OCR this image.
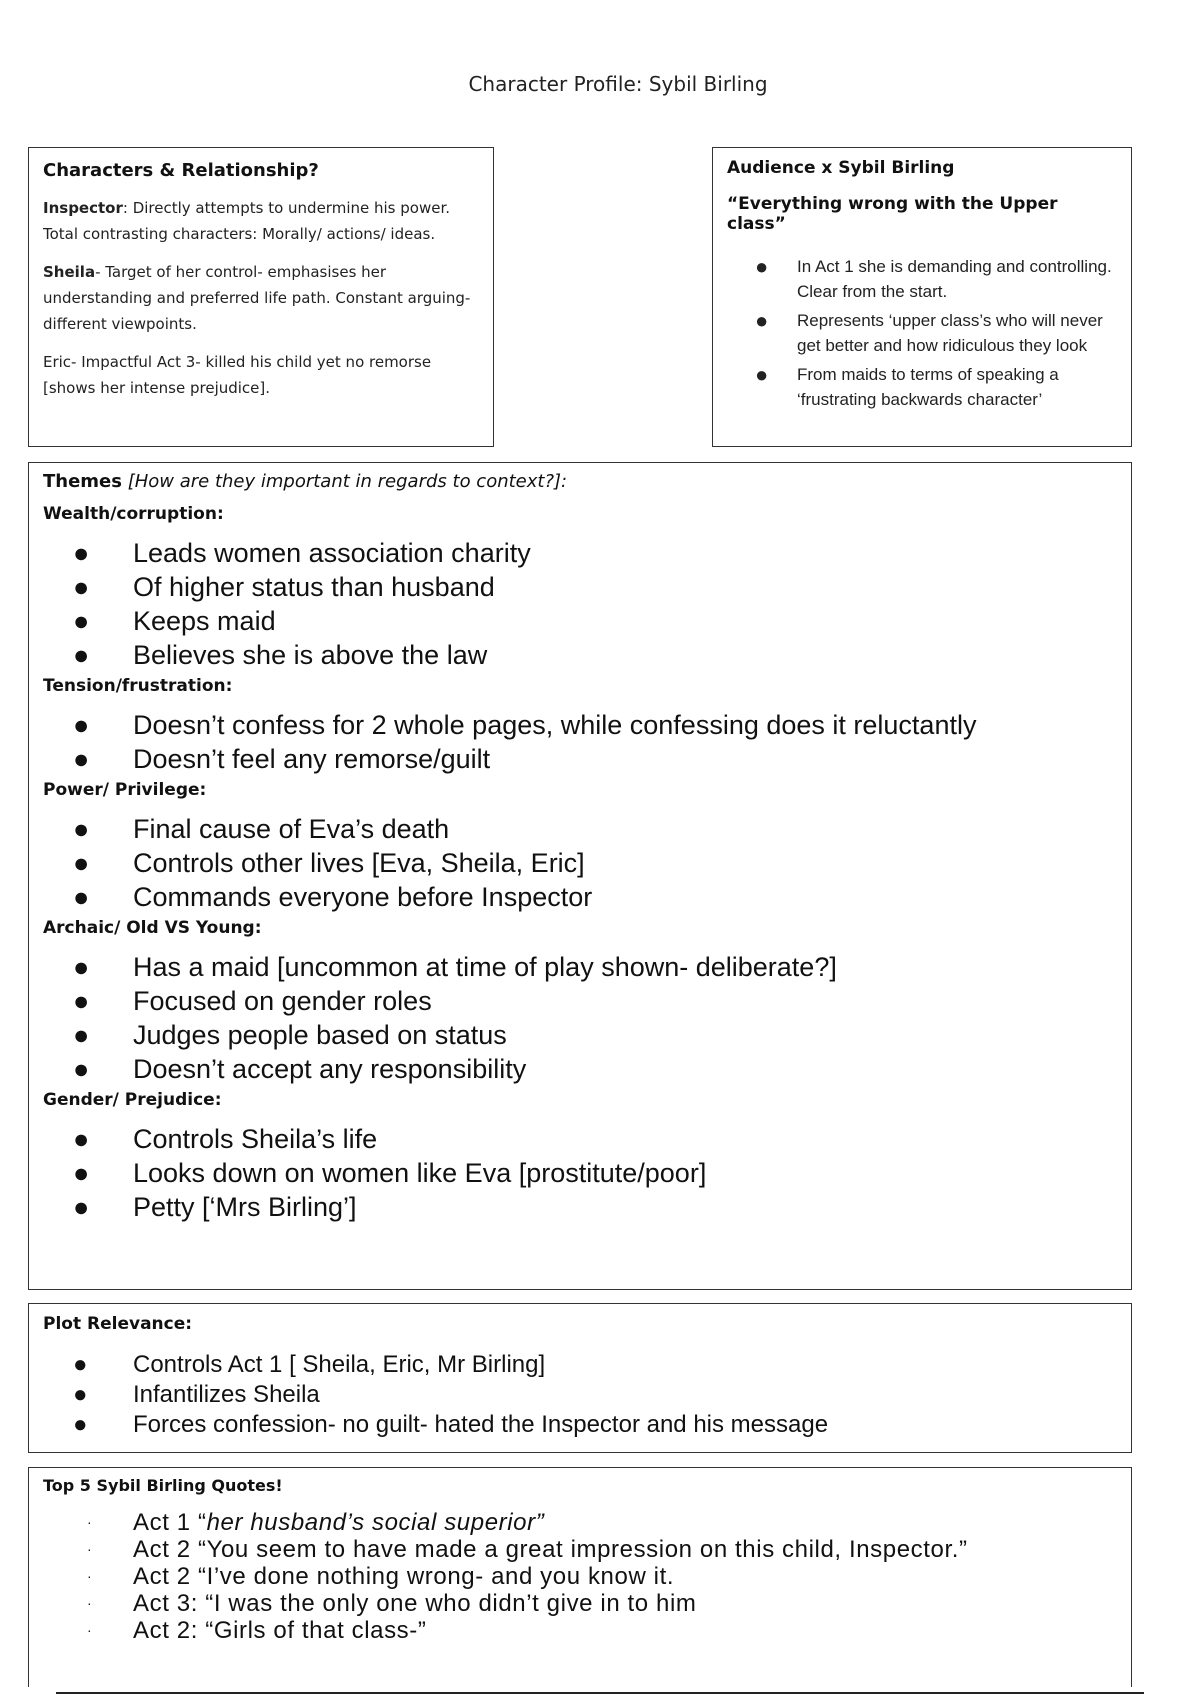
Character Profile: Sybil Birling
Characters & Relationship?

Inspector: Directly attempts to undermine his power. Total contrasting characters: Morally/ actions/ ideas.

Sheila- Target of her control- emphasises her understanding and preferred life path. Constant arguing- different viewpoints.

Eric- Impactful Act 3- killed his child yet no remorse [shows her intense prejudice].

Audience x Sybil Birling
“Everything wrong with the Upper class”
● In Act 1 she is demanding and controlling. Clear from the start.
● Represents ‘upper class’s who will never get better and how ridiculous they look
● From maids to terms of speaking a ‘frustrating backwards character’
Themes [How are they important in regards to context?]:
Wealth/corruption:
● Leads women association charity
● Of higher status than husband
● Keeps maid
● Believes she is above the law
Tension/frustration:
● Doesn’t confess for 2 whole pages, while confessing does it reluctantly
● Doesn’t feel any remorse/guilt
Power/ Privilege:
● Final cause of Eva’s death
● Controls other lives [Eva, Sheila, Eric]
● Commands everyone before Inspector
Archaic/ Old VS Young:
● Has a maid [uncommon at time of play shown- deliberate?]
● Focused on gender roles
● Judges people based on status
● Doesn’t accept any responsibility
Gender/ Prejudice:
● Controls Sheila’s life
● Looks down on women like Eva [prostitute/poor]
● Petty [‘Mrs Birling’]
Plot Relevance:
● Controls Act 1 [ Sheila, Eric, Mr Birling]
● Infantilizes Sheila
● Forces confession- no guilt- hated the Inspector and his message
Top 5 Sybil Birling Quotes!
· Act 1 “her husband’s social superior”
· Act 2 “You seem to have made a great impression on this child, Inspector.”
· Act 2 “I’ve done nothing wrong- and you know it.
· Act 3: “I was the only one who didn’t give in to him
· Act 2: “Girls of that class-”
